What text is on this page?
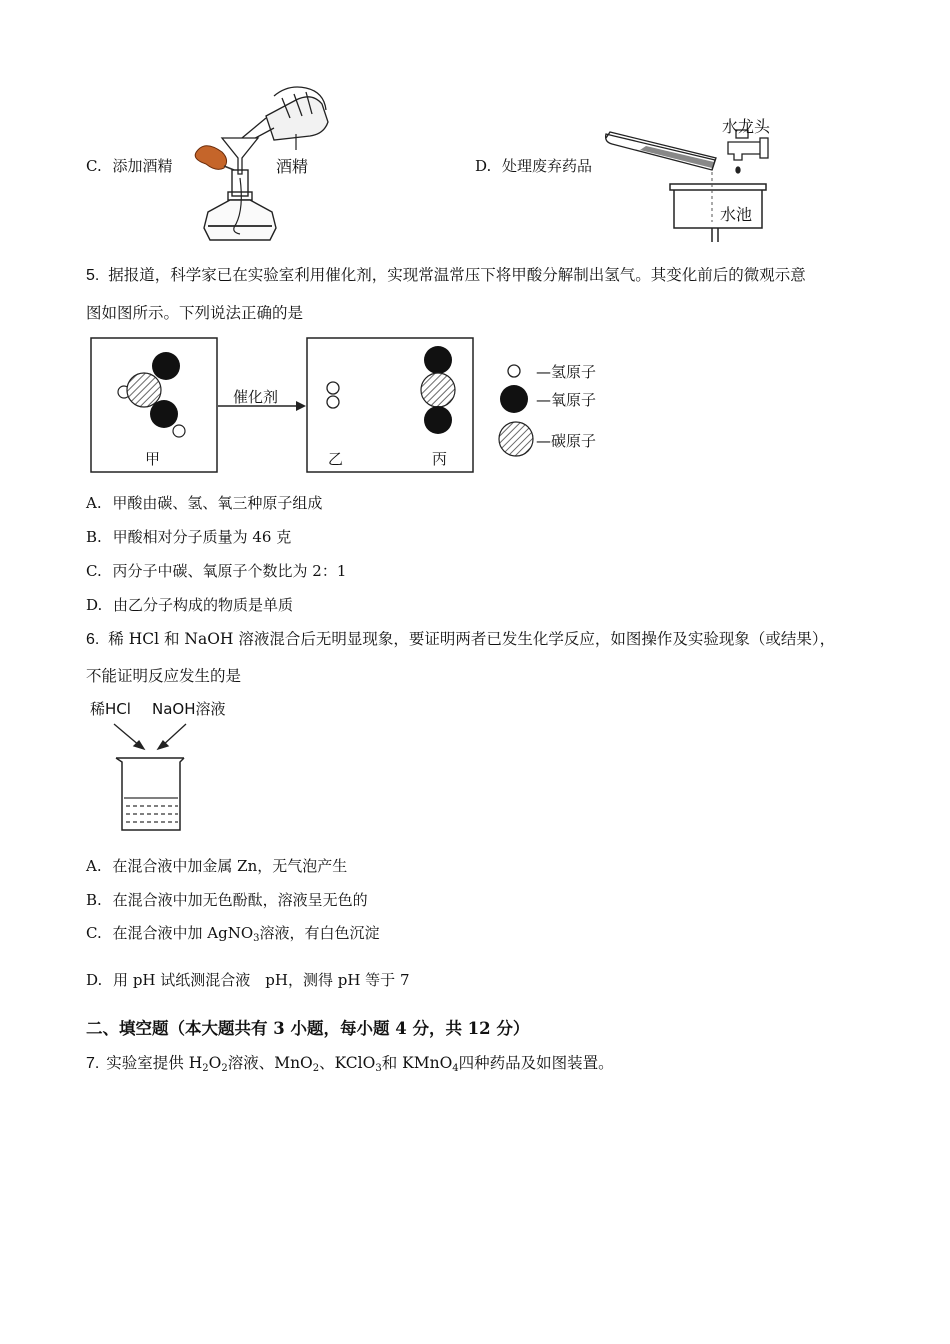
C. 添加酒精	酒精	D. 处理废弃药品
水龙头
水池
5. 据报道，科学家已在实验室利用催化剂，实现常温常压下将甲酸分解制出氢气。其变化前后的微观示意
图如图所示。下列说法正确的是
催化剂
甲	乙	丙
—氢原子
—氧原子
—碳原子
A. 甲酸由碳、氢、氧三种原子组成
B. 甲酸相对分子质量为 46 克
C. 丙分子中碳、氧原子个数比为 2：1
D. 由乙分子构成的物质是单质
6. 稀 HCl 和 NaOH 溶液混合后无明显现象，要证明两者已发生化学反应，如图操作及实验现象（或结果），
不能证明反应发生的是
稀HCl NaOH溶液
A. 在混合液中加金属 Zn，无气泡产生
B. 在混合液中加无色酚酞，溶液呈无色的
C. 在混合液中加 AgNO$_3$溶液，有白色沉淀
D. 用 pH 试纸测混合液　pH，测得 pH 等于 7
二、填空题（本大题共有 3 小题，每小题 4 分，共 12 分）
7. 实验室提供 $H_2O_2$溶液、MnO$_2$、KClO$_3$和 KMnO$_4$四种药品及如图装置。
